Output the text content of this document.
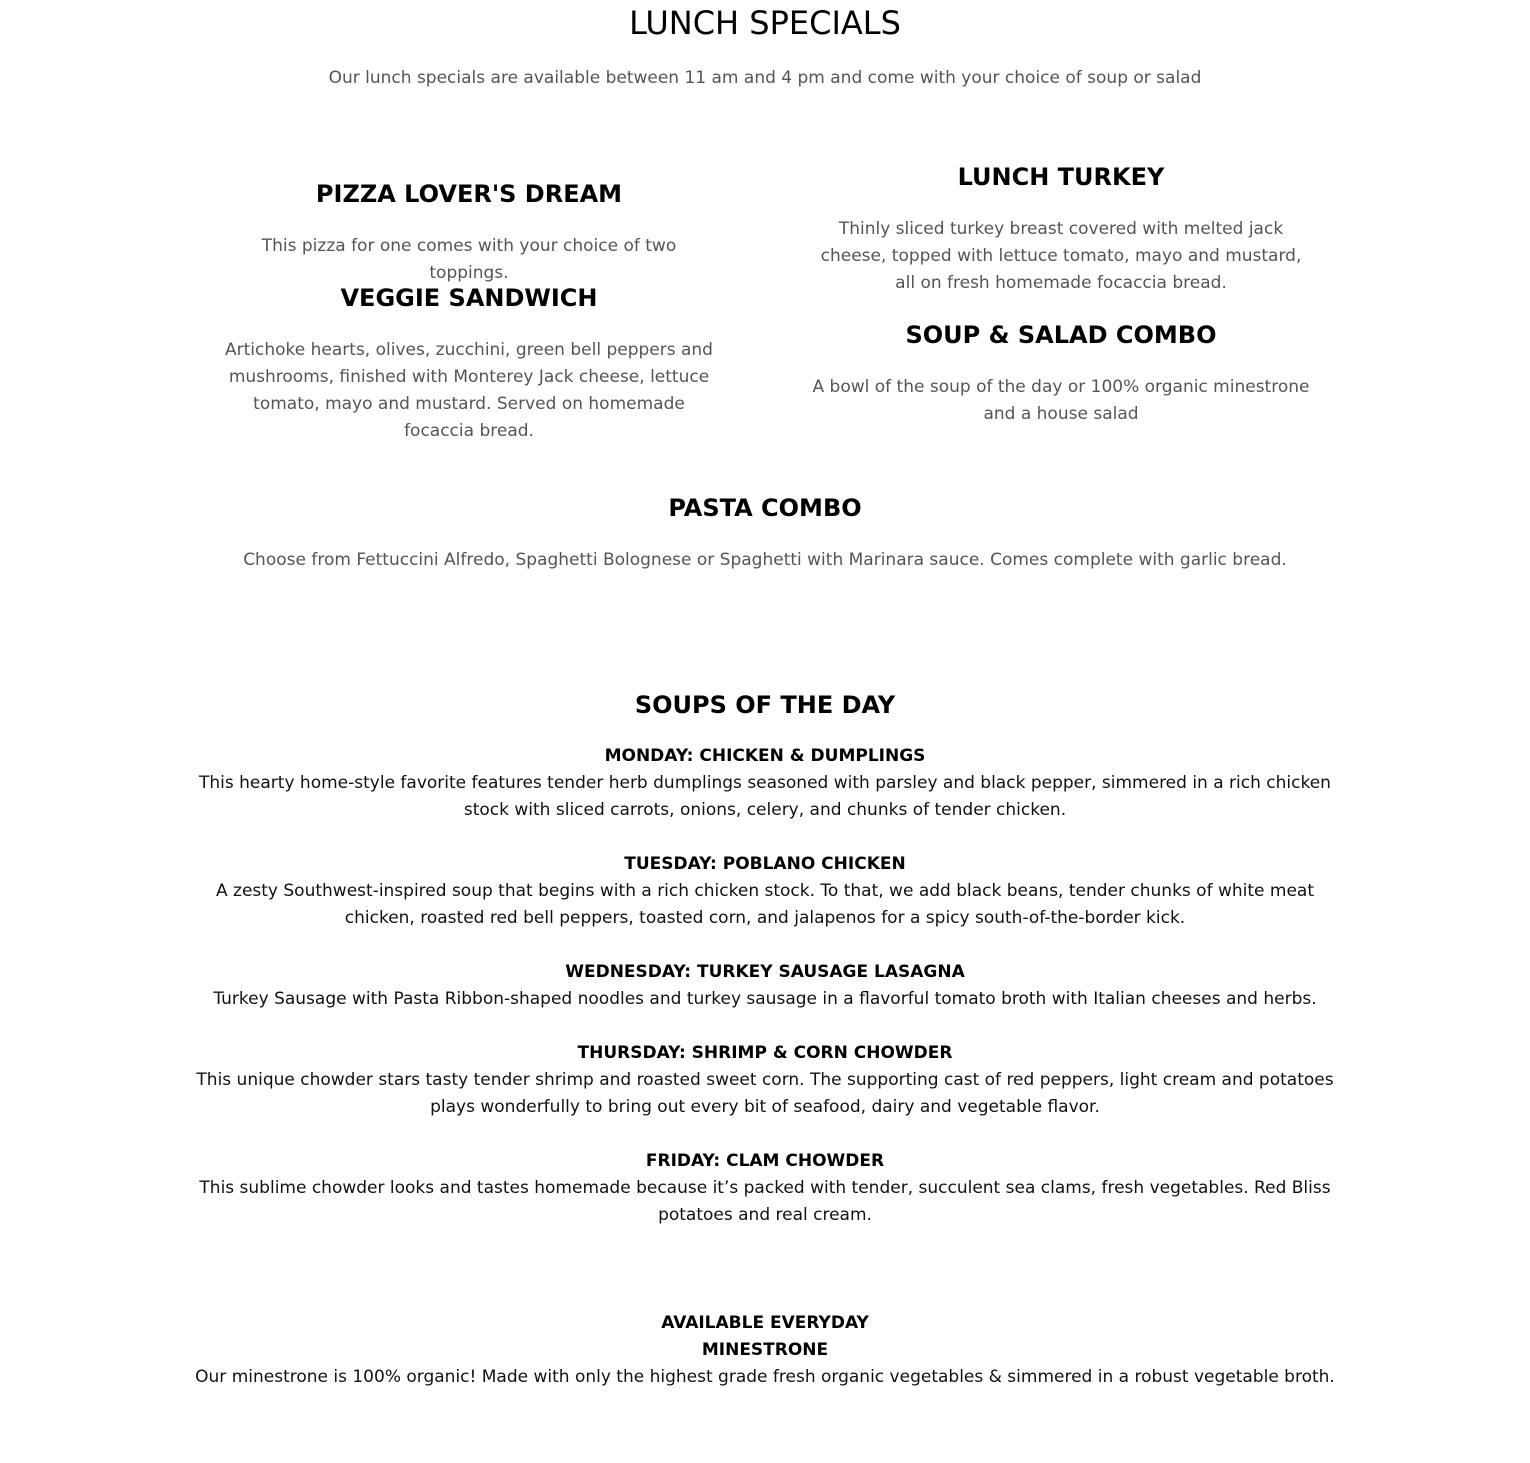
LUNCH SPECIALS
Our lunch specials are available between 11 am and 4 pm and come with your choice of soup or salad
PIZZA LOVER'S DREAM
This pizza for one comes with your choice of two toppings.
VEGGIE SANDWICH
Artichoke hearts, olives, zucchini, green bell peppers and mushrooms, finished with Monterey Jack cheese, lettuce tomato, mayo and mustard. Served on homemade focaccia bread.
LUNCH TURKEY
Thinly sliced turkey breast covered with melted jack cheese, topped with lettuce tomato, mayo and mustard, all on fresh homemade focaccia bread.
SOUP & SALAD COMBO
A bowl of the soup of the day or 100% organic minestrone and a house salad
PASTA COMBO
Choose from Fettuccini Alfredo, Spaghetti Bolognese or Spaghetti with Marinara sauce. Comes complete with garlic bread.
SOUPS OF THE DAY
MONDAY: CHICKEN & DUMPLINGS
This hearty home-style favorite features tender herb dumplings seasoned with parsley and black pepper, simmered in a rich chicken stock with sliced carrots, onions, celery, and chunks of tender chicken.
TUESDAY: POBLANO CHICKEN
A zesty Southwest-inspired soup that begins with a rich chicken stock. To that, we add black beans, tender chunks of white meat chicken, roasted red bell peppers, toasted corn, and jalapenos for a spicy south-of-the-border kick.
WEDNESDAY: TURKEY SAUSAGE LASAGNA
Turkey Sausage with Pasta Ribbon-shaped noodles and turkey sausage in a flavorful tomato broth with Italian cheeses and herbs.
THURSDAY: SHRIMP & CORN CHOWDER
This unique chowder stars tasty tender shrimp and roasted sweet corn. The supporting cast of red peppers, light cream and potatoes plays wonderfully to bring out every bit of seafood, dairy and vegetable flavor.
FRIDAY: CLAM CHOWDER
This sublime chowder looks and tastes homemade because it’s packed with tender, succulent sea clams, fresh vegetables. Red Bliss potatoes and real cream.
AVAILABLE EVERYDAY
MINESTRONE
Our minestrone is 100% organic! Made with only the highest grade fresh organic vegetables & simmered in a robust vegetable broth.
